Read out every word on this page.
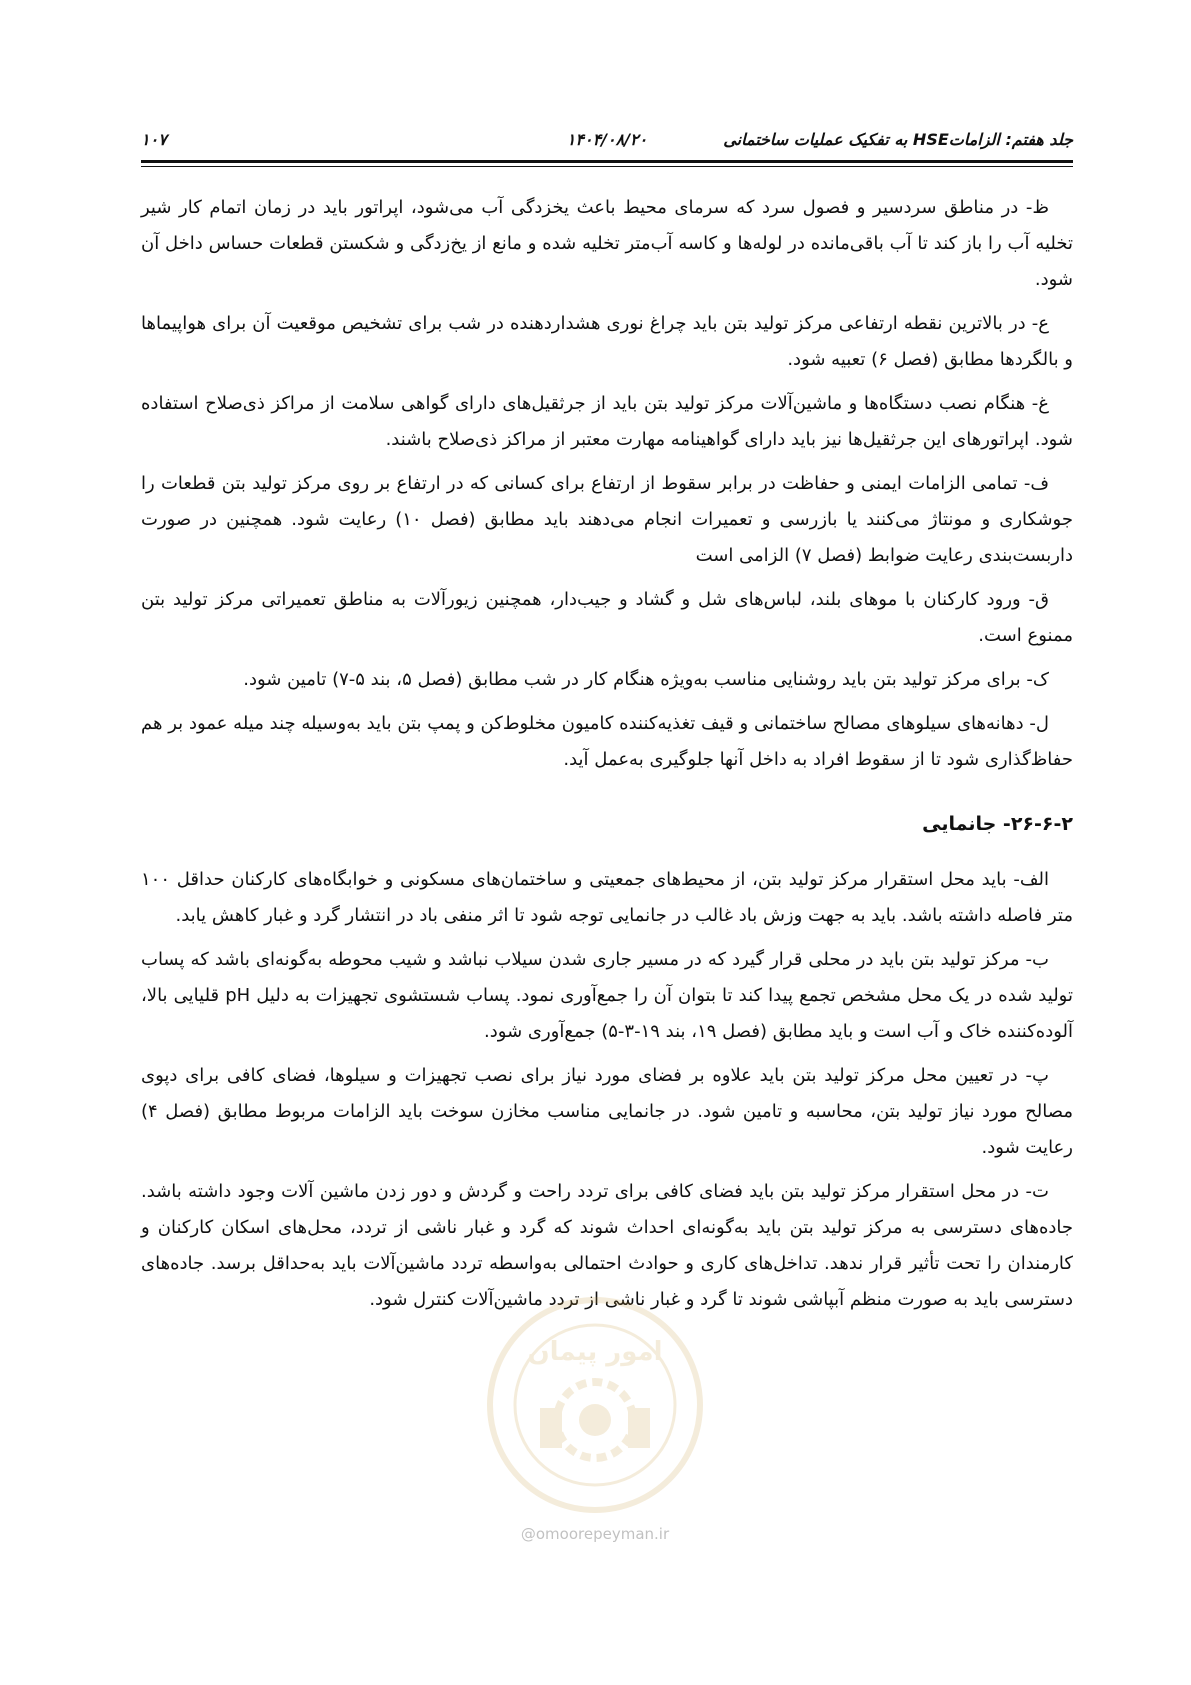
جلد هفتم: الزاماتHSE به تفکیک عملیات ساختمانی
۱۴۰۴/۰۸/۲۰
۱۰۷

ظ- در مناطق سردسیر و فصول سرد که سرمای محیط باعث یخزدگی آب می‌شود، اپراتور باید در زمان اتمام کار شیر تخلیه آب را باز کند تا آب باقی‌مانده در لوله‌ها و کاسه آب‌متر تخلیه شده و مانع از یخ‌زدگی و شکستن قطعات حساس داخل آن شود.

ع- در بالاترین نقطه ارتفاعی مرکز تولید بتن باید چراغ نوری هشداردهنده در شب برای تشخیص موقعیت آن برای هواپیماها و بالگردها مطابق (فصل ۶) تعبیه شود.

غ- هنگام نصب دستگاه‌ها و ماشین‌آلات مرکز تولید بتن باید از جرثقیل‌های دارای گواهی سلامت از مراکز ذی‌صلاح استفاده شود. اپراتورهای این جرثقیل‌ها نیز باید دارای گواهینامه مهارت معتبر از مراکز ذی‌صلاح باشند.

ف- تمامی الزامات ایمنی و حفاظت در برابر سقوط از ارتفاع برای کسانی که در ارتفاع بر روی مرکز تولید بتن قطعات را جوشکاری و مونتاژ می‌کنند یا بازرسی و تعمیرات انجام می‌دهند باید مطابق (فصل ۱۰) رعایت شود. همچنین در صورت داربست‌بندی رعایت ضوابط (فصل ۷) الزامی است

ق- ورود کارکنان با موهای بلند، لباس‌های شل و گشاد و جیب‌دار، همچنین زیورآلات به مناطق تعمیراتی مرکز تولید بتن ممنوع است.

ک- برای مرکز تولید بتن باید روشنایی مناسب به‌ویژه هنگام کار در شب مطابق (فصل ۵، بند ۵-۷) تامین شود.

ل- دهانه‌های سیلوهای مصالح ساختمانی و قیف تغذیه‌کننده کامیون مخلوط‌کن و پمپ بتن باید به‌وسیله چند میله عمود بر هم حفاظ‌گذاری شود تا از سقوط افراد به داخل آنها جلوگیری به‌عمل آید.

۲۶-۶-۲- جانمایی

الف- باید محل استقرار مرکز تولید بتن، از محیط‌های جمعیتی و ساختمان‌های مسکونی و خوابگاه‌های کارکنان حداقل ۱۰۰ متر فاصله داشته باشد. باید به جهت وزش باد غالب در جانمایی توجه شود تا اثر منفی باد در انتشار گرد و غبار کاهش یابد.

ب- مرکز تولید بتن باید در محلی قرار گیرد که در مسیر جاری شدن سیلاب نباشد و شیب محوطه به‌گونه‌ای باشد که پساب تولید شده در یک محل مشخص تجمع پیدا کند تا بتوان آن را جمع‌آوری نمود. پساب شستشوی تجهیزات به دلیل pH قلیایی بالا، آلوده‌کننده خاک و آب است و باید مطابق (فصل ۱۹، بند ۱۹-۳-۵) جمع‌آوری شود.

پ- در تعیین محل مرکز تولید بتن باید علاوه بر فضای مورد نیاز برای نصب تجهیزات و سیلوها، فضای کافی برای دپوی مصالح مورد نیاز تولید بتن، محاسبه و تامین شود. در جانمایی مناسب مخازن سوخت باید الزامات مربوط مطابق (فصل ۴) رعایت شود.

ت- در محل استقرار مرکز تولید بتن باید فضای کافی برای تردد راحت و گردش و دور زدن ماشین آلات وجود داشته باشد. جاده‌های دسترسی به مرکز تولید بتن باید به‌گونه‌ای احداث شوند که گرد و غبار ناشی از تردد، محل‌های اسکان کارکنان و کارمندان را تحت تأثیر قرار ندهد. تداخل‌های کاری و حوادث احتمالی به‌واسطه تردد ماشین‌آلات باید به‌حداقل برسد. جاده‌های دسترسی باید به صورت منظم آبپاشی شوند تا گرد و غبار ناشی از تردد ماشین‌آلات کنترل شود.

امور پیمان
@omoorepeyman.ir
